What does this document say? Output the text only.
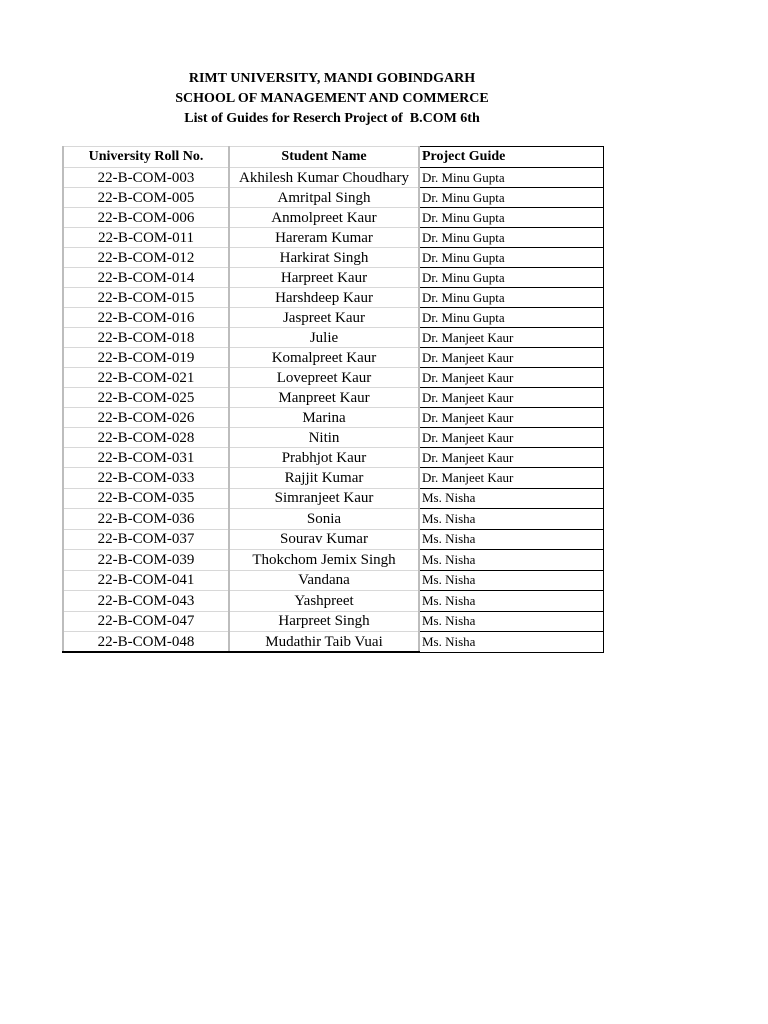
RIMT UNIVERSITY, MANDI GOBINDGARH
SCHOOL OF MANAGEMENT AND COMMERCE
List of Guides for Reserch Project of  B.COM 6th
University Roll No.	Student Name	Project Guide
22-B-COM-003	Akhilesh Kumar Choudhary	Dr. Minu Gupta
22-B-COM-005	Amritpal Singh	Dr. Minu Gupta
22-B-COM-006	Anmolpreet Kaur	Dr. Minu Gupta
22-B-COM-011	Hareram Kumar	Dr. Minu Gupta
22-B-COM-012	Harkirat Singh	Dr. Minu Gupta
22-B-COM-014	Harpreet Kaur	Dr. Minu Gupta
22-B-COM-015	Harshdeep Kaur	Dr. Minu Gupta
22-B-COM-016	Jaspreet Kaur	Dr. Minu Gupta
22-B-COM-018	Julie	Dr. Manjeet Kaur
22-B-COM-019	Komalpreet Kaur	Dr. Manjeet Kaur
22-B-COM-021	Lovepreet Kaur	Dr. Manjeet Kaur
22-B-COM-025	Manpreet Kaur	Dr. Manjeet Kaur
22-B-COM-026	Marina	Dr. Manjeet Kaur
22-B-COM-028	Nitin	Dr. Manjeet Kaur
22-B-COM-031	Prabhjot Kaur	Dr. Manjeet Kaur
22-B-COM-033	Rajjit Kumar	Dr. Manjeet Kaur
22-B-COM-035	Simranjeet Kaur	Ms. Nisha
22-B-COM-036	Sonia	Ms. Nisha
22-B-COM-037	Sourav Kumar	Ms. Nisha
22-B-COM-039	Thokchom Jemix Singh	Ms. Nisha
22-B-COM-041	Vandana	Ms. Nisha
22-B-COM-043	Yashpreet	Ms. Nisha
22-B-COM-047	Harpreet Singh	Ms. Nisha
22-B-COM-048	Mudathir Taib Vuai	Ms. Nisha
